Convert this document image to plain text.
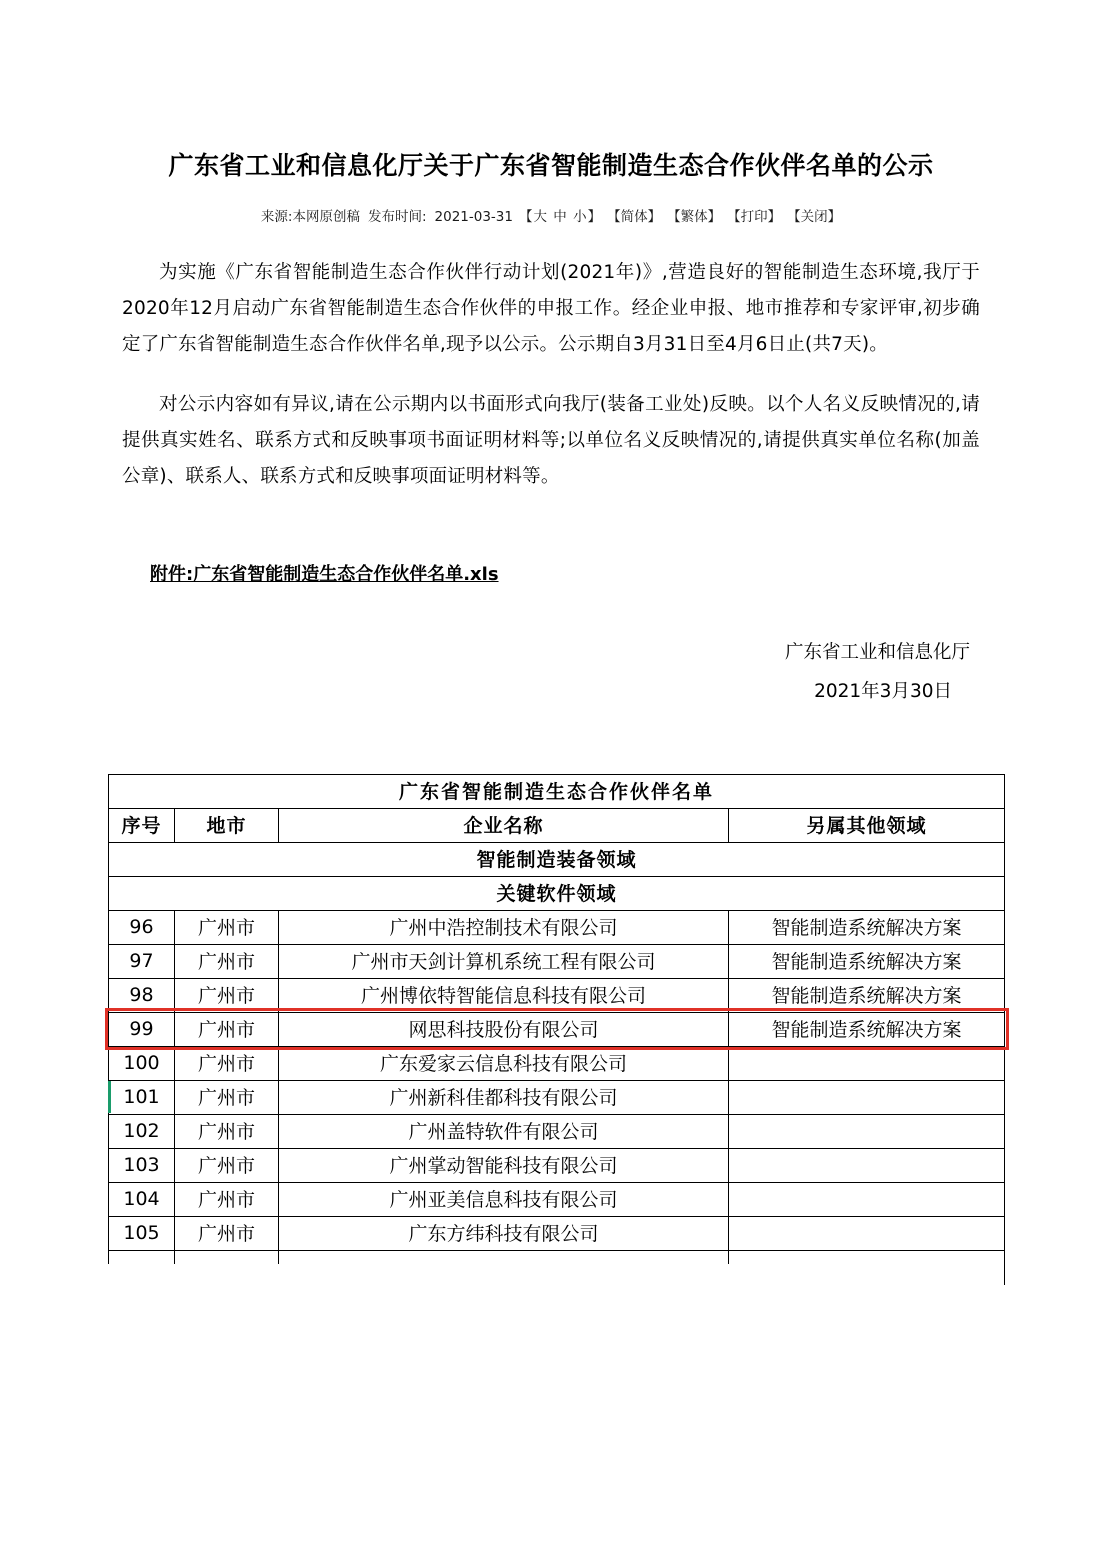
广东省工业和信息化厅关于广东省智能制造生态合作伙伴名单的公示
来源:本网原创稿 发布时间: 2021-03-31 【大 中 小】 【简体】 【繁体】 【打印】 【关闭】

为实施《广东省智能制造生态合作伙伴行动计划(2021年)》,营造良好的智能制造生态环境,我厅于2020年12月启动广东省智能制造生态合作伙伴的申报工作。经企业申报、地市推荐和专家评审,初步确定了广东省智能制造生态合作伙伴名单,现予以公示。公示期自3月31日至4月6日止(共7天)。

对公示内容如有异议,请在公示期内以书面形式向我厅(装备工业处)反映。以个人名义反映情况的,请提供真实姓名、联系方式和反映事项书面证明材料等;以单位名义反映情况的,请提供真实单位名称(加盖公章)、联系人、联系方式和反映事项面证明材料等。

附件:广东省智能制造生态合作伙伴名单.xls
广东省工业和信息化厅
2021年3月30日
广东省智能制造生态合作伙伴名单			
序号	地市	企业名称	另属其他领域
智能制造装备领域			
关键软件领域			
96	广州市	广州中浩控制技术有限公司	智能制造系统解决方案
97	广州市	广州市天剑计算机系统工程有限公司	智能制造系统解决方案
98	广州市	广州博依特智能信息科技有限公司	智能制造系统解决方案
99	广州市	网思科技股份有限公司	智能制造系统解决方案
100	广州市	广东爱家云信息科技有限公司	
101	广州市	广州新科佳都科技有限公司	
102	广州市	广州盖特软件有限公司	
103	广州市	广州掌动智能科技有限公司	
104	广州市	广州亚美信息科技有限公司	
105	广州市	广东方纬科技有限公司	
